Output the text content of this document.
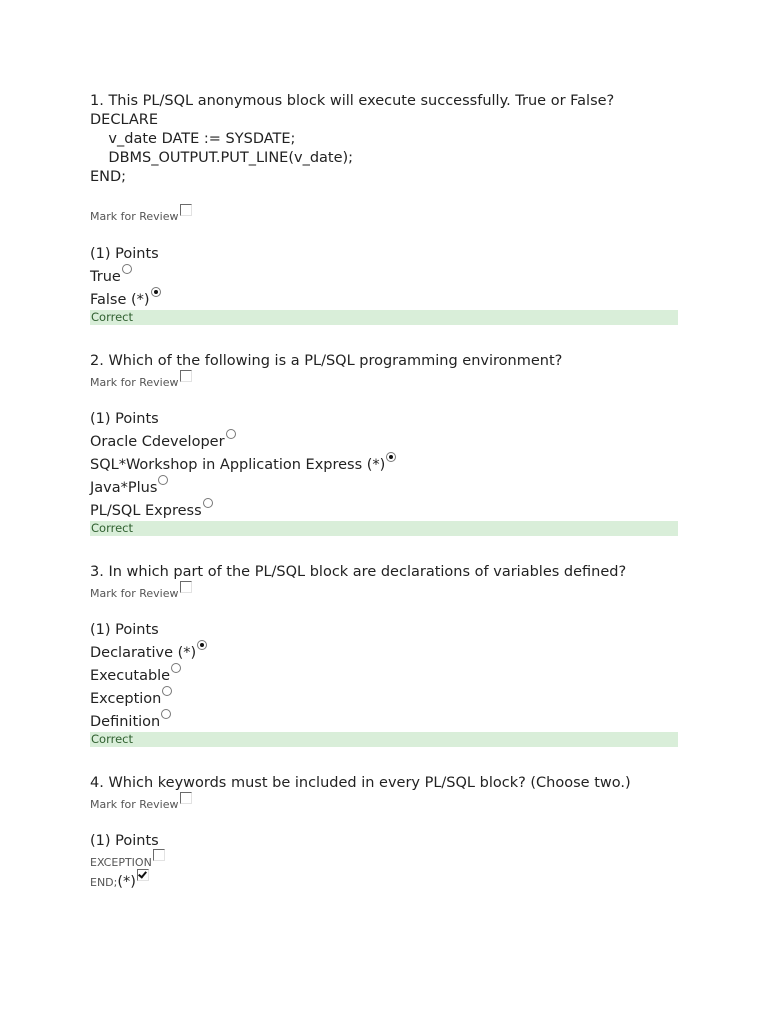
1. This PL/SQL anonymous block will execute successfully. True or False?
DECLARE
v_date DATE := SYSDATE;
DBMS_OUTPUT.PUT_LINE(v_date);
END;
Mark for Review
(1) Points
True
False (*)
Correct
2. Which of the following is a PL/SQL programming environment?
Mark for Review
(1) Points
Oracle Cdeveloper
SQL*Workshop in Application Express (*)
Java*Plus
PL/SQL Express
Correct
3. In which part of the PL/SQL block are declarations of variables defined?
Mark for Review
(1) Points
Declarative (*)
Executable
Exception
Definition
Correct
4. Which keywords must be included in every PL/SQL block? (Choose two.)
Mark for Review
(1) Points
EXCEPTION
END; (*)
